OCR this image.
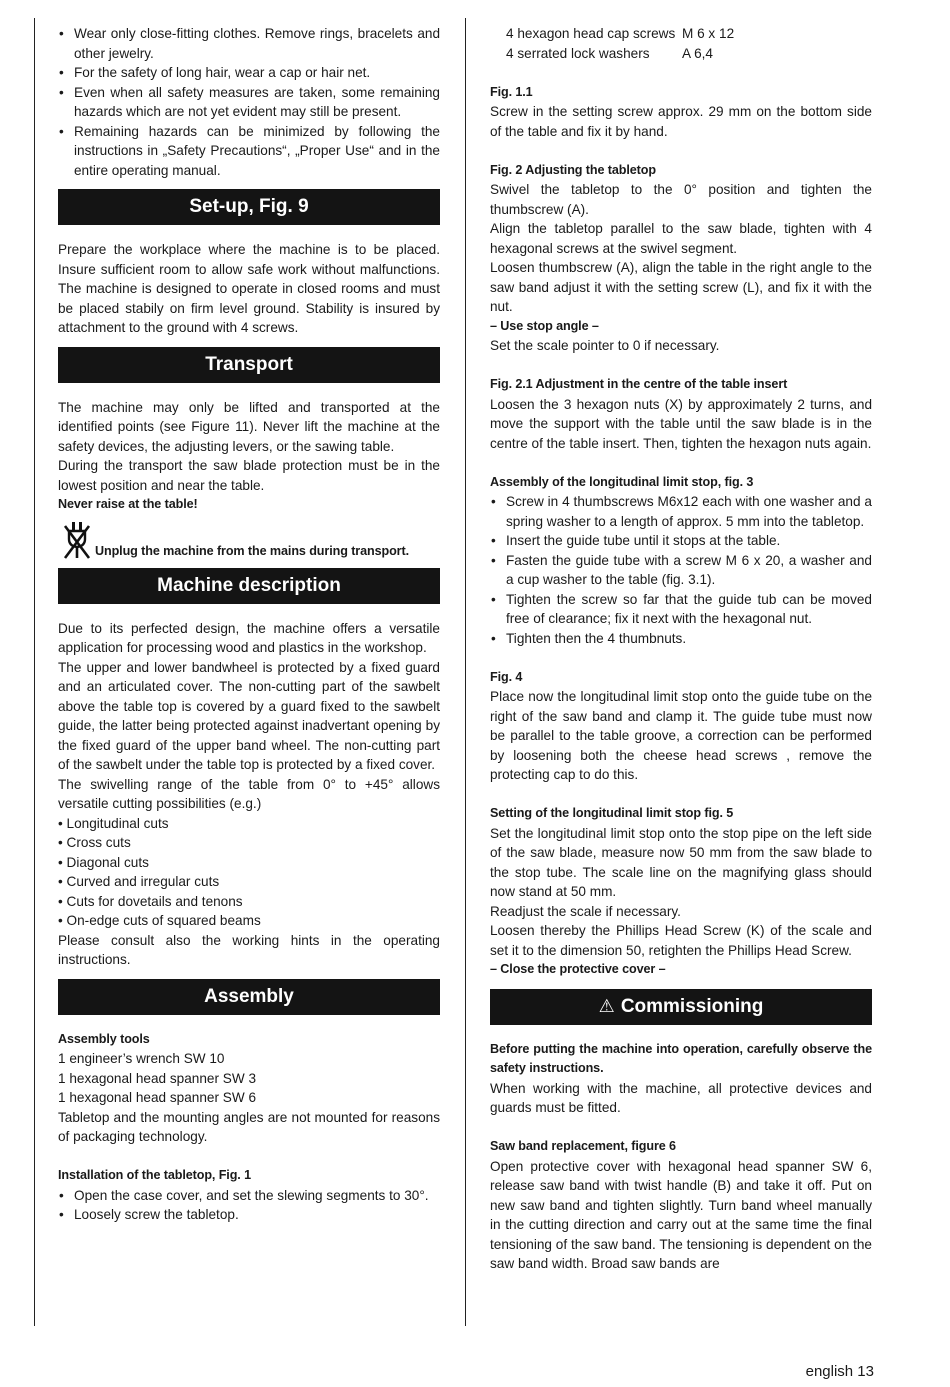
• Wear only close-fitting clothes. Remove rings, bracelets and other jewelry.
• For the safety of long hair, wear a cap or hair net.
• Even when all safety measures are taken, some remaining hazards which are not yet evident may still be present.
• Remaining hazards can be minimized by following the instructions in „Safety Precautions“, „Proper Use“ and in the entire operating manual.
Set-up, Fig. 9

Prepare the workplace where the machine is to be placed. Insure sufficient room to allow safe work without malfunctions. The machine is designed to operate in closed rooms and must be placed stabily on firm level ground. Stability is insured by attachment to the ground with 4 screws.

Transport

The machine may only be lifted and transported at the identified points (see Figure 11). Never lift the machine at the safety devices, the adjusting levers, or the sawing table.

During the transport the saw blade protection must be in the lowest position and near the table.

Never raise at the table!

Unplug the machine from the mains during transport.

Machine description

Due to its perfected design, the machine offers a versatile application for processing wood and plastics in the workshop.

The upper and lower bandwheel is protected by a fixed guard and an articulated cover. The non-cutting part of the sawbelt above the table top is covered by a guard fixed to the sawbelt guide, the latter being protected against inadvertant opening by the fixed guard of the upper band wheel. The non-cutting part of the sawbelt under the table top is protected by a fixed cover.

The swivelling range of the table from 0° to +45° allows versatile cutting possibilities (e.g.)

• Longitudinal cuts
• Cross cuts
• Diagonal cuts
• Curved and irregular cuts
• Cuts for dovetails and tenons
• On-edge cuts of squared beams

Please consult also the working hints in the operating instructions.

Assembly

Assembly tools

1 engineer’s wrench SW 10

1 hexagonal head spanner SW 3

1 hexagonal head spanner SW 6

Tabletop and the mounting angles are not mounted for reasons of packaging technology.

Installation of the tabletop, Fig. 1

• Open the case cover, and set the slewing segments to 30°.
• Loosely screw the tabletop.

4 hexagon head cap screws M 6 x 12

4 serrated lock washers	A 6,4

Fig. 1.1

Screw in the setting screw approx. 29 mm on the bottom side of the table and fix it by hand.

Fig. 2 Adjusting the tabletop

Swivel the tabletop to the 0° position and tighten the thumbscrew (A).

Align the tabletop parallel to the saw blade, tighten with 4 hexagonal screws at the swivel segment.

Loosen thumbscrew (A), align the table in the right angle to the saw band adjust it with the setting screw (L), and fix it with the nut.

– Use stop angle –

Set the scale pointer to 0 if necessary.

Fig. 2.1 Adjustment in the centre of the table insert

Loosen the 3 hexagon nuts (X) by approximately 2 turns, and move the support with the table until the saw blade is in the centre of the table insert. Then, tighten the hexagon nuts again.

Assembly of the longitudinal limit stop, fig. 3

• Screw in 4 thumbscrews M6x12 each with one washer and a spring washer to a length of approx. 5 mm into the tabletop.
• Insert the guide tube until it stops at the table.
• Fasten the guide tube with a screw M 6 x 20, a washer and a cup washer to the table (fig. 3.1).
• Tighten the screw so far that the guide tub can be moved free of clearance; fix it next with the hexagonal nut.
• Tighten then the 4 thumbnuts.

Fig. 4

Place now the longitudinal limit stop onto the guide tube on the right of the saw band and clamp it. The guide tube must now be parallel to the table groove, a correction can be performed by loosening both the cheese head screws , remove the protecting cap to do this.

Setting of the longitudinal limit stop fig. 5

Set the longitudinal limit stop onto the stop pipe on the left side of the saw blade, measure now 50 mm from the saw blade to the stop tube. The scale line on the magnifying glass should now stand at 50 mm.

Readjust the scale if necessary.

Loosen thereby the Phillips Head Screw (K) of the scale and set it to the dimension 50, retighten the Phillips Head Screw.

– Close the protective cover –

⚠ Commissioning

Before putting the machine into operation, carefully observe the safety instructions.

When working with the machine, all protective devices and guards must be fitted.

Saw band replacement, figure 6

Open protective cover with hexagonal head spanner SW 6, release saw band with twist handle (B) and take it off. Put on new saw band and tighten slightly. Turn band wheel manually in the cutting direction and carry out at the same time the final tensioning of the saw band. The tensioning is dependent on the saw band width. Broad saw bands are

english 13
